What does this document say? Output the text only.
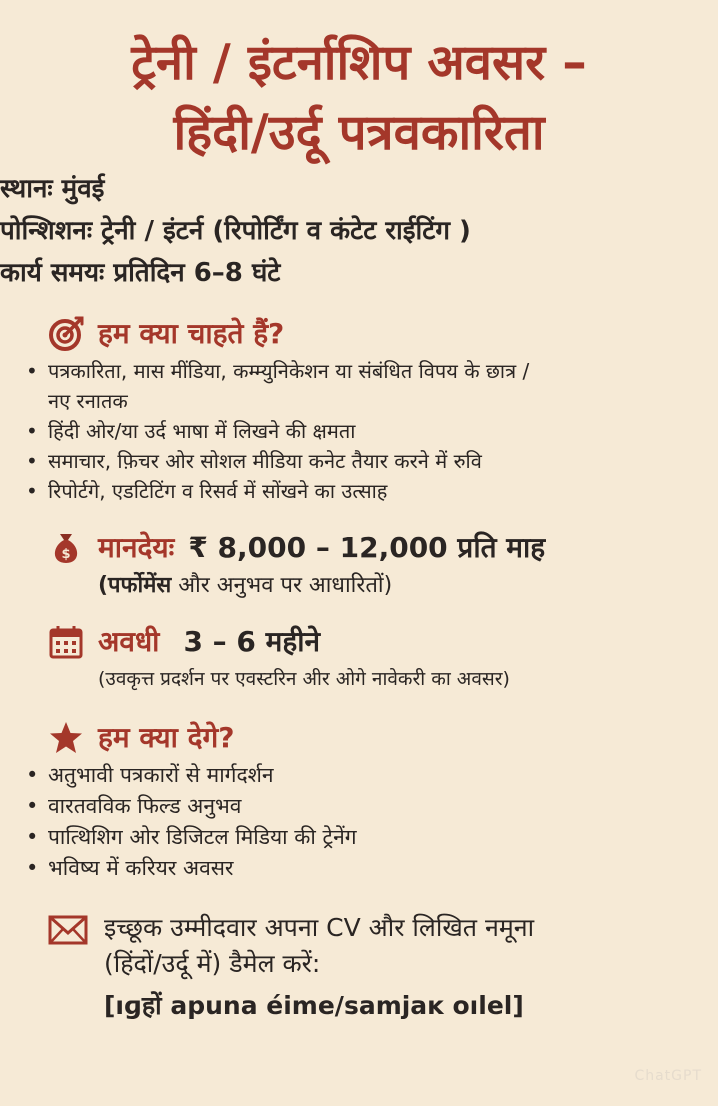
ट्रेनी / इंटर्नाशिप अवसर –
हिंदी/उर्दू पत्रवकारिता
• स्थानः मुंवई
• पोन्शिशनः ट्रेनी / इंटर्न (रिपोर्टिंग व कंटेट राईटिंग )
• कार्य समयः प्रतिदिन 6–8 घंटे
हम क्या चाहते हैं?
• पत्रकारिता, मास मींडिया, कम्म्युनिकेशन या संबंधित विपय के छात्र /
नए रनातक
• हिंदी ओर/या उर्द भाषा में लिखने की क्षमता
• समाचार, फ़िचर ओर सोशल मीडिया कनेट तैयार करने में रुवि
• रिपोर्टगे, एडटिटिंग व रिसर्व में सोंखने का उत्साह
$ मानदेयः ₹ 8,000 – 12,000 प्रति माह
(पर्फोमेंस और अनुभव पर आधारितों)
अवधी 3 – 6 महीने
(उवकृत्त प्रदर्शन पर एवस्टरिन अीर ओगे नावेकरी का अवसर)
हम क्या देगे?
• अतुभावी पत्रकारों से मार्गदर्शन
• वारतववि‍क फिल्ड अनुभव
• पात्थिशिग ओर डिजिटल मिडिया की ट्रेनेंग
• भविष्य में करियर अवसर
इच्छूक उम्मीदवार अपना CV और लिखित नमूना
(हिंदों/उर्दू में) डैमेल करें:
[ıɡहों apuna éime/samjaĸ oılel]
ChatGPT
